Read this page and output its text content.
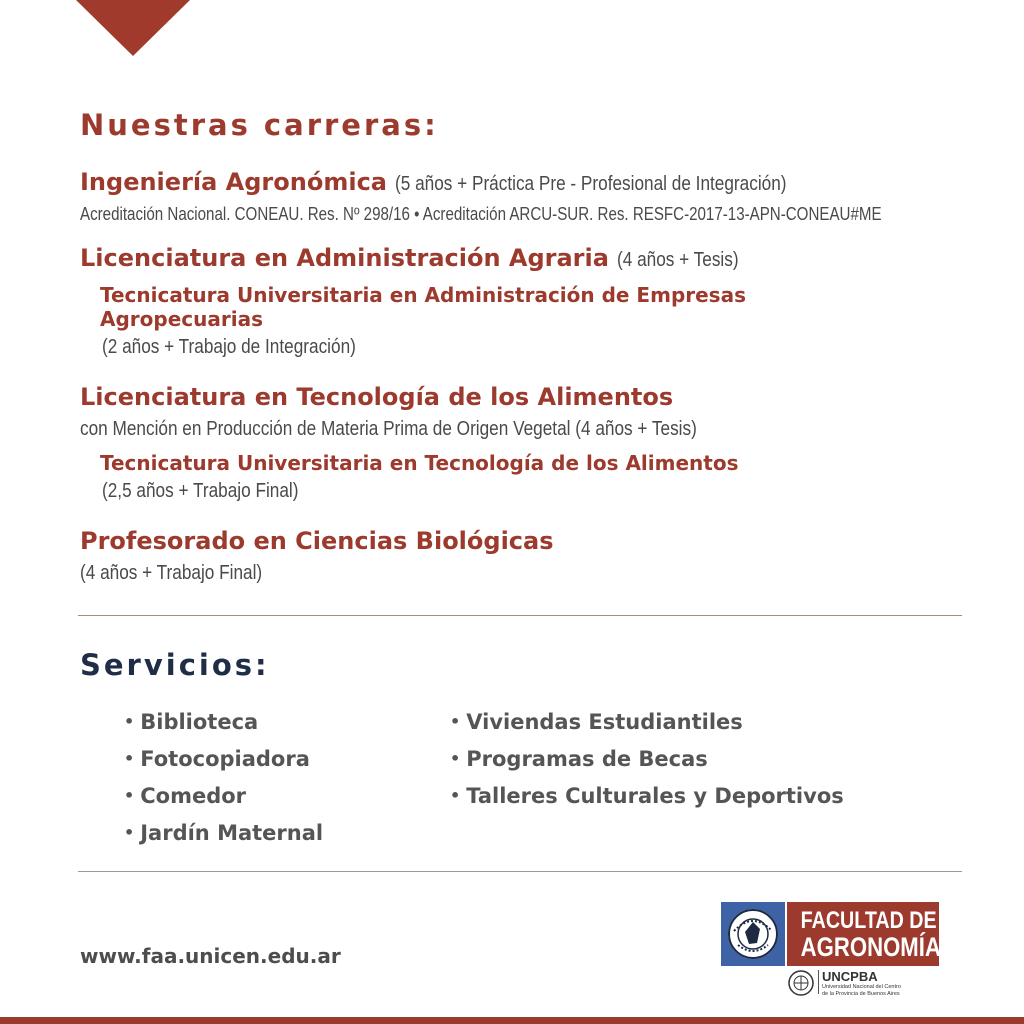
Nuestras carreras:
Ingeniería Agronómica (5 años + Práctica Pre - Profesional de Integración)

Acreditación Nacional. CONEAU. Res. Nº 298/16 • Acreditación ARCU-SUR. Res. RESFC-2017-13-APN-CONEAU#ME

Licenciatura en Administración Agraria (4 años + Tesis)

Tecnicatura Universitaria en Administración de Empresas Agropecuarias

(2 años + Trabajo de Integración)

Licenciatura en Tecnología de los Alimentos

con Mención en Producción de Materia Prima de Origen Vegetal (4 años + Tesis)

Tecnicatura Universitaria en Tecnología de los Alimentos

(2,5 años + Trabajo Final)

Profesorado en Ciencias Biológicas

(4 años + Trabajo Final)

Servicios:
• Biblioteca
• Fotocopiadora
• Comedor
• Jardín Maternal
• Viviendas Estudiantiles
• Programas de Becas
• Talleres Culturales y Deportivos

www.faa.unicen.edu.ar

FACULTAD DE
AGRONOMÍA

UNCPBA

Universidad Nacional del Centro
de la Provincia de Buenos Aires
